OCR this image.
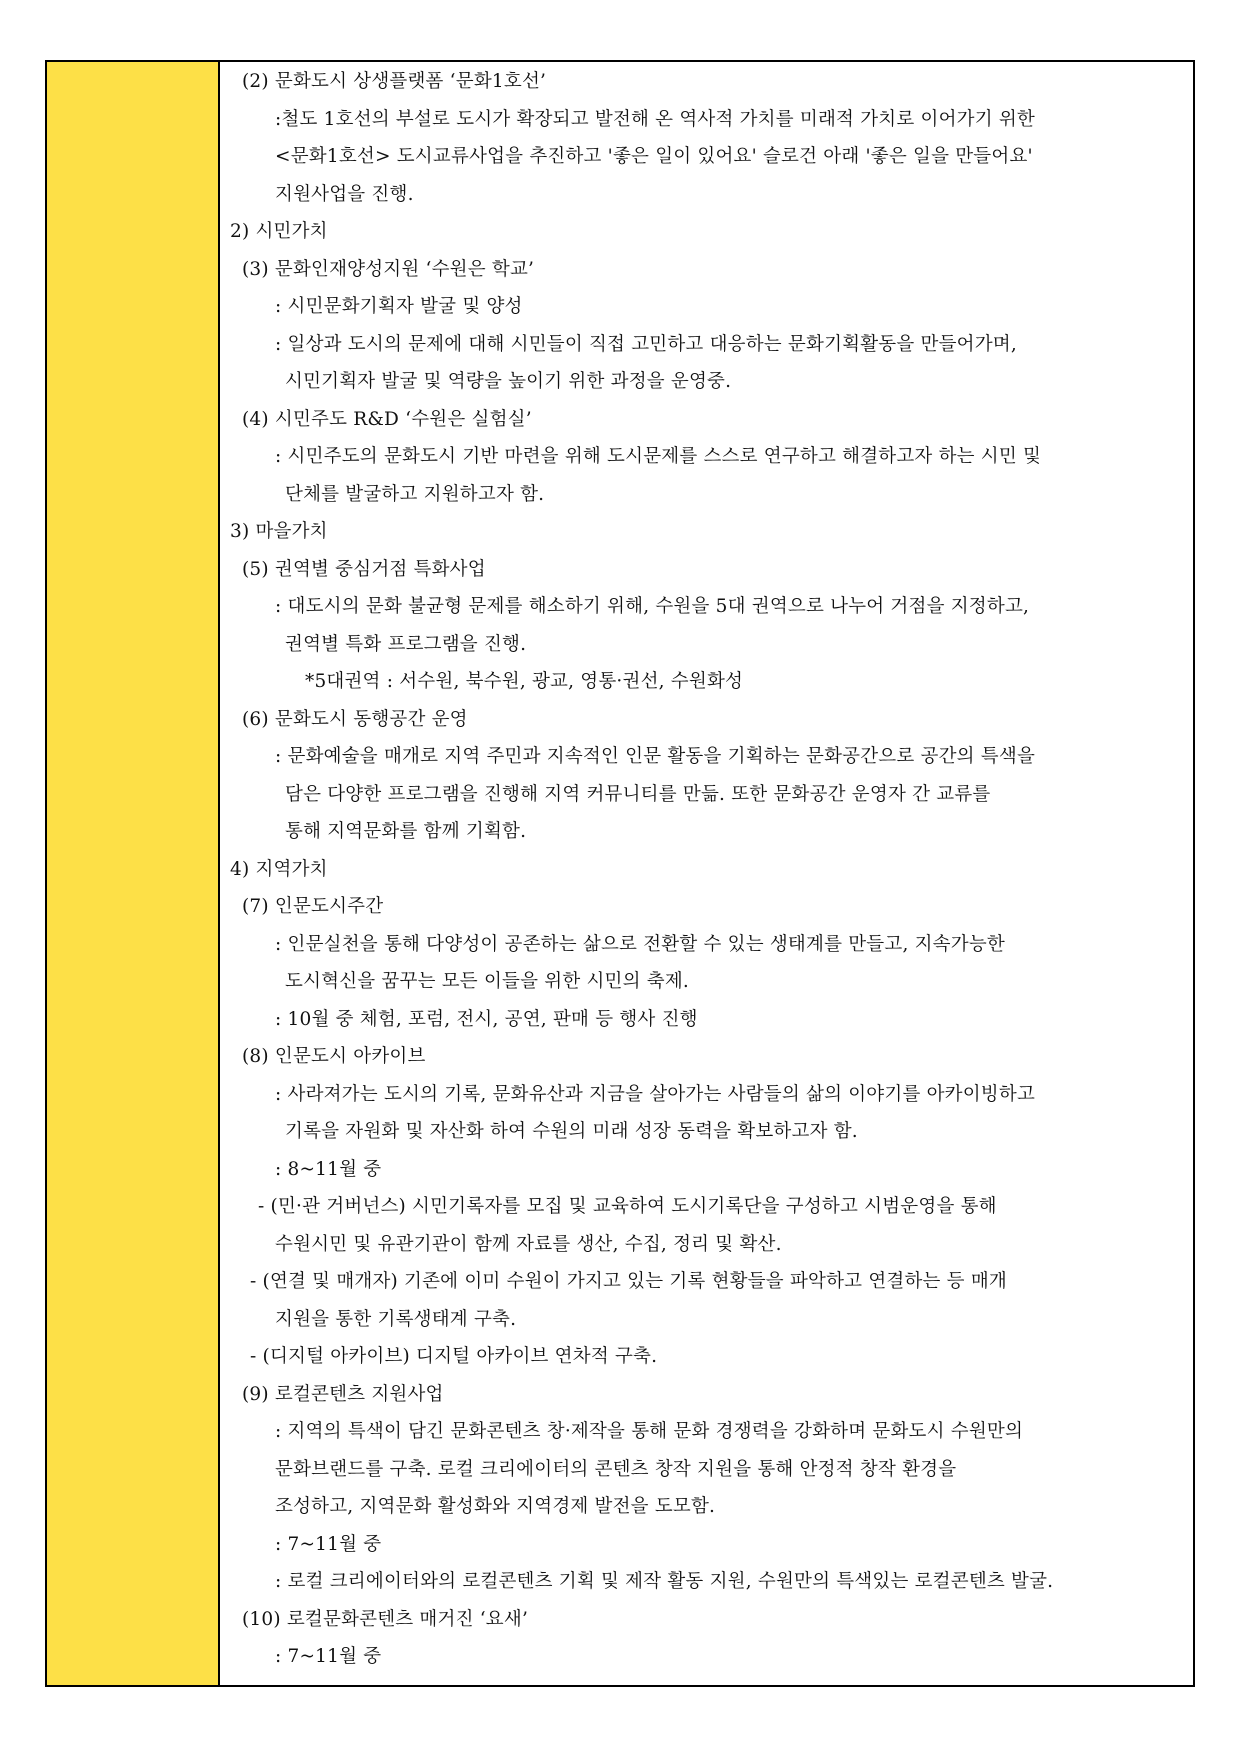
(2) 문화도시 상생플랫폼 ‘문화1호선’
:철도 1호선의 부설로 도시가 확장되고 발전해 온 역사적 가치를 미래적 가치로 이어가기 위한
<문화1호선> 도시교류사업을 추진하고 '좋은 일이 있어요' 슬로건 아래 '좋은 일을 만들어요'
지원사업을 진행.
2) 시민가치
(3) 문화인재양성지원 ‘수원은 학교’
: 시민문화기획자 발굴 및 양성
: 일상과 도시의 문제에 대해 시민들이 직접 고민하고 대응하는 문화기획활동을 만들어가며,
시민기획자 발굴 및 역량을 높이기 위한 과정을 운영중.
(4) 시민주도 R&D ‘수원은 실험실’
: 시민주도의 문화도시 기반 마련을 위해 도시문제를 스스로 연구하고 해결하고자 하는 시민 및
단체를 발굴하고 지원하고자 함.
3) 마을가치
(5) 권역별 중심거점 특화사업
: 대도시의 문화 불균형 문제를 해소하기 위해, 수원을 5대 권역으로 나누어 거점을 지정하고,
권역별 특화 프로그램을 진행.
*5대권역 : 서수원, 북수원, 광교, 영통·권선, 수원화성
(6) 문화도시 동행공간 운영
: 문화예술을 매개로 지역 주민과 지속적인 인문 활동을 기획하는 문화공간으로 공간의 특색을
담은 다양한 프로그램을 진행해 지역 커뮤니티를 만듦. 또한 문화공간 운영자 간 교류를
통해 지역문화를 함께 기획함.
4) 지역가치
(7) 인문도시주간
: 인문실천을 통해 다양성이 공존하는 삶으로 전환할 수 있는 생태계를 만들고, 지속가능한
도시혁신을 꿈꾸는 모든 이들을 위한 시민의 축제.
: 10월 중 체험, 포럼, 전시, 공연, 판매 등 행사 진행
(8) 인문도시 아카이브
: 사라져가는 도시의 기록, 문화유산과 지금을 살아가는 사람들의 삶의 이야기를 아카이빙하고
기록을 자원화 및 자산화 하여 수원의 미래 성장 동력을 확보하고자 함.
: 8~11월 중
- (민·관 거버넌스) 시민기록자를 모집 및 교육하여 도시기록단을 구성하고 시범운영을 통해
수원시민 및 유관기관이 함께 자료를 생산, 수집, 정리 및 확산.
- (연결 및 매개자) 기존에 이미 수원이 가지고 있는 기록 현황들을 파악하고 연결하는 등 매개
지원을 통한 기록생태계 구축.
- (디지털 아카이브) 디지털 아카이브 연차적 구축.
(9) 로컬콘텐츠 지원사업
: 지역의 특색이 담긴 문화콘텐츠 창·제작을 통해 문화 경쟁력을 강화하며 문화도시 수원만의
문화브랜드를 구축. 로컬 크리에이터의 콘텐츠 창작 지원을 통해 안정적 창작 환경을
조성하고, 지역문화 활성화와 지역경제 발전을 도모함.
: 7~11월 중
: 로컬 크리에이터와의 로컬콘텐츠 기획 및 제작 활동 지원, 수원만의 특색있는 로컬콘텐츠 발굴.
(10) 로컬문화콘텐츠 매거진 ‘요새’
: 7~11월 중
